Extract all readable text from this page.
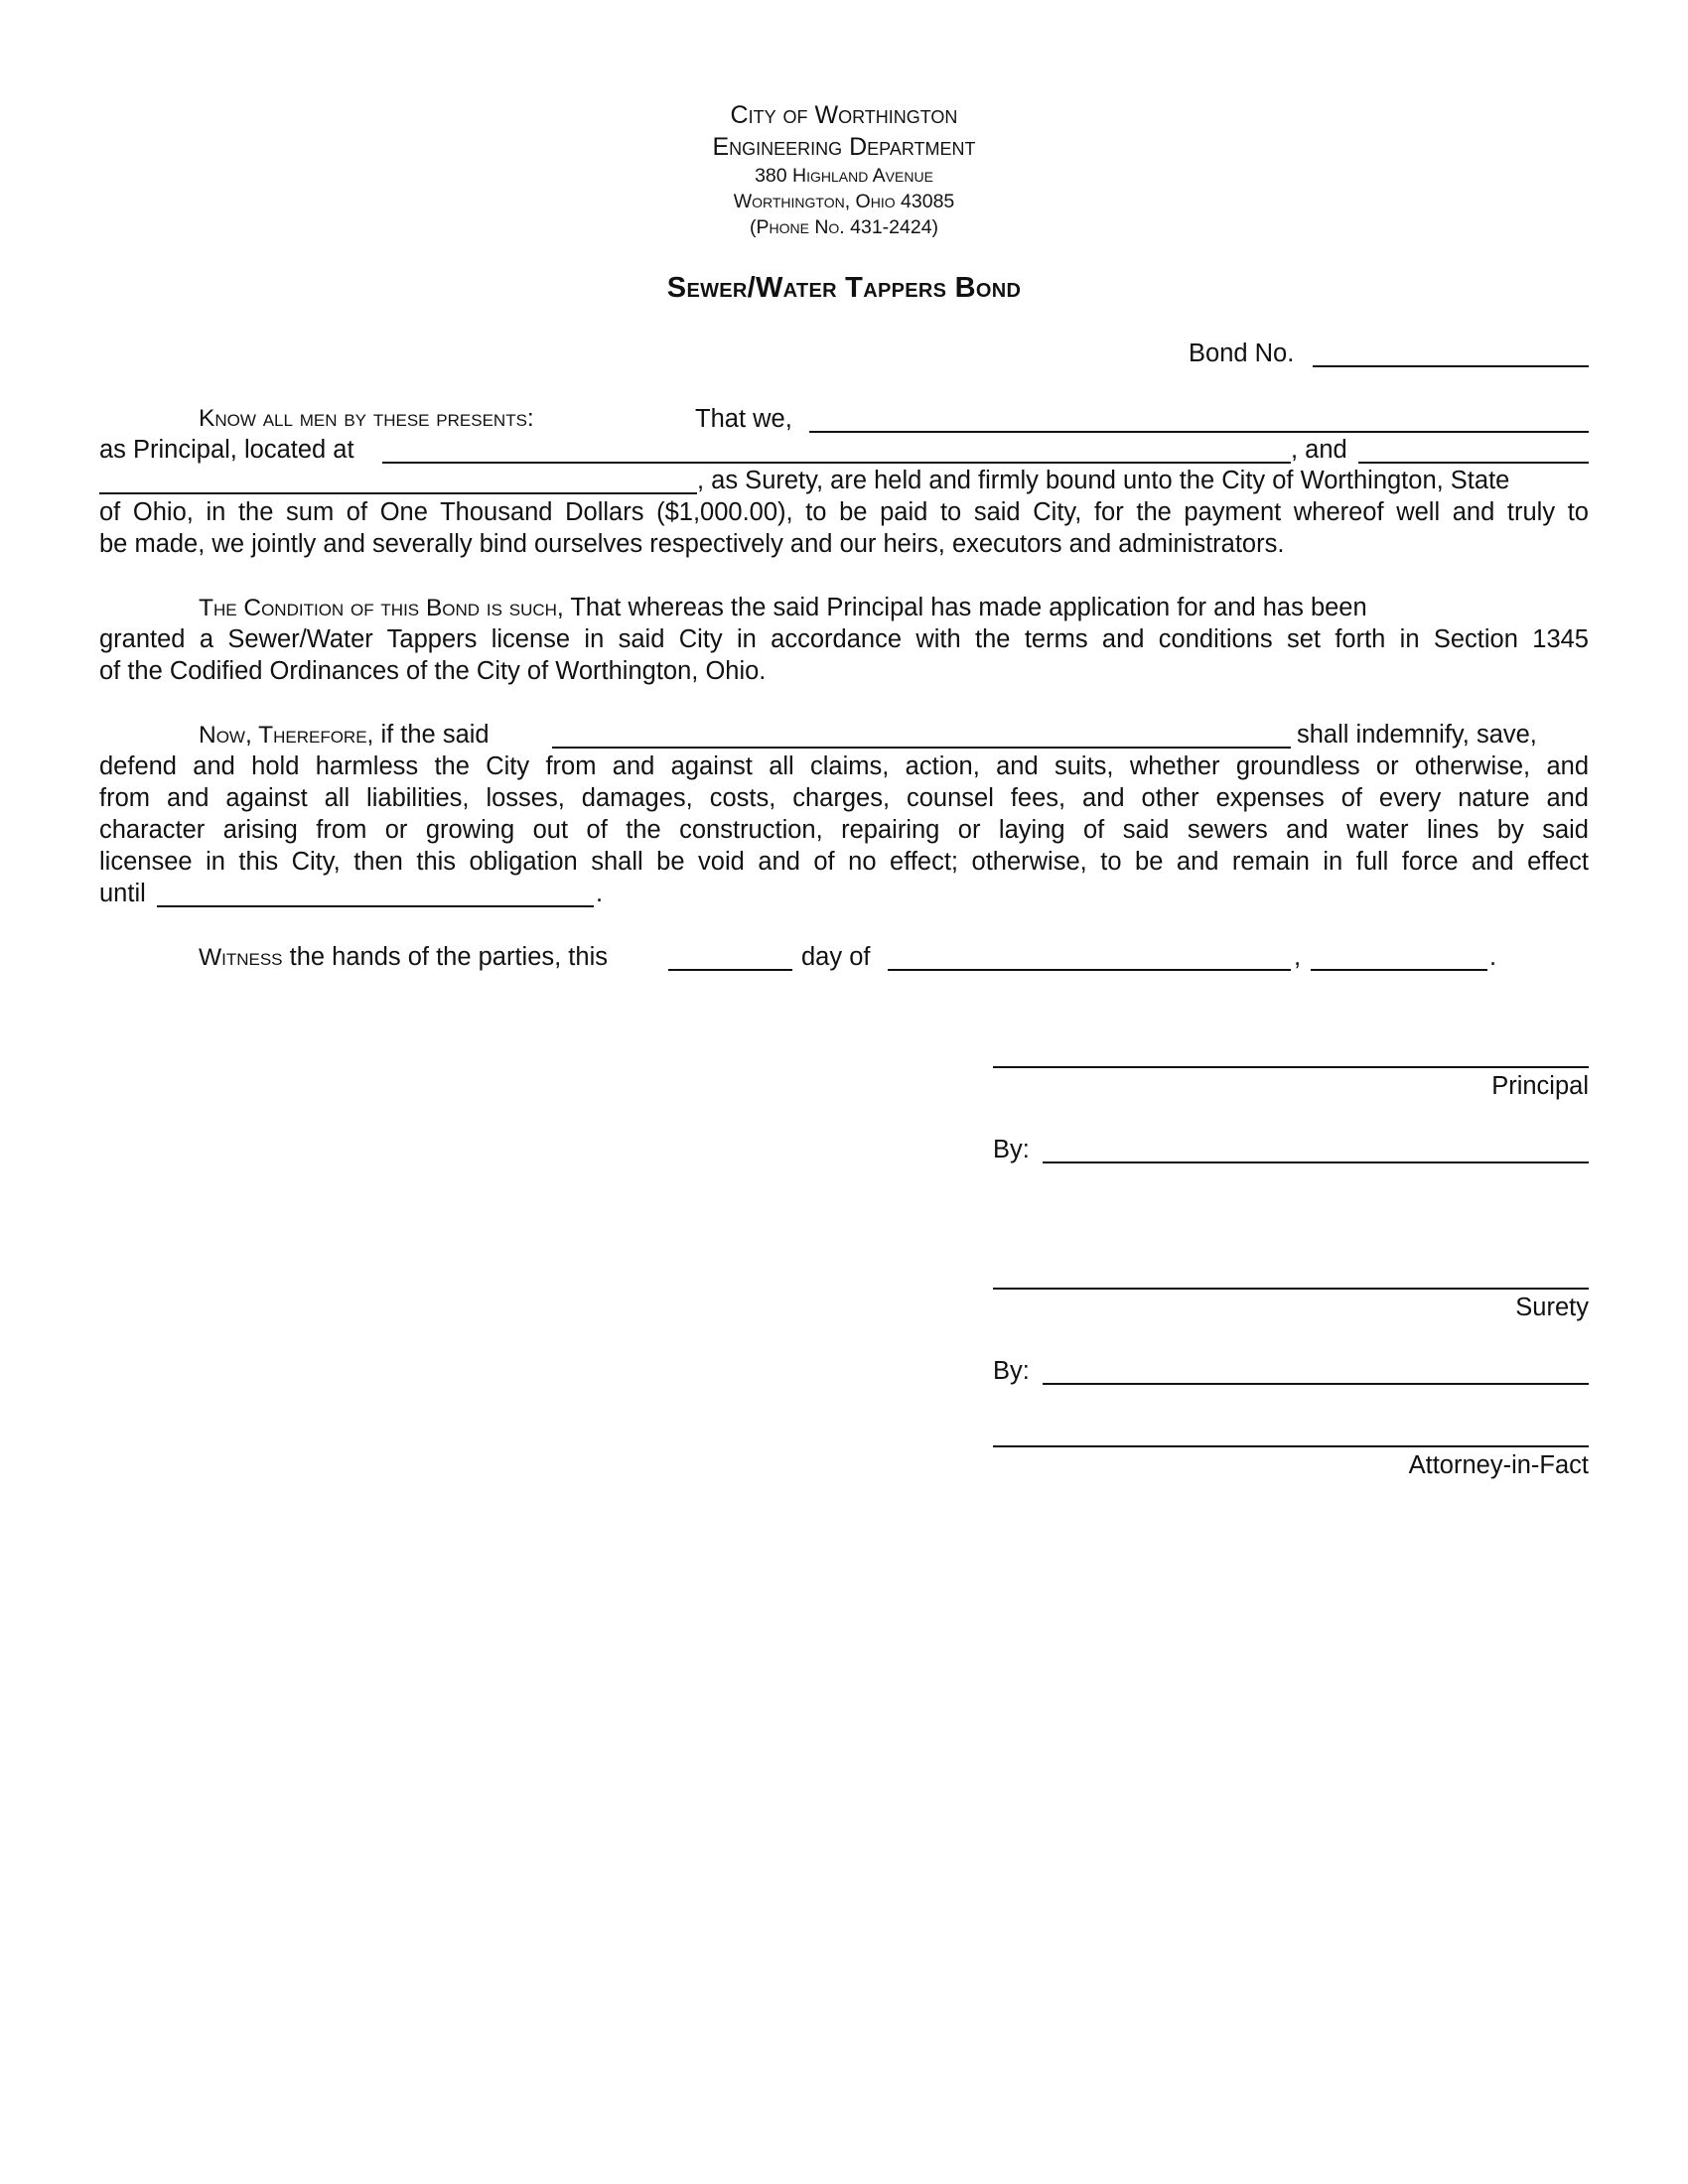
City of Worthington
Engineering Department
380 Highland Avenue
Worthington, Ohio 43085
(Phone No. 431-2424)
Sewer/Water Tappers Bond
Bond No.
Know all men by these presents:	That we,
as Principal, located at	, and
, as Surety, are held and firmly bound unto the City of Worthington, State
of Ohio, in the sum of One Thousand Dollars ($1,000.00), to be paid to said City, for the payment whereof well and truly to
be made, we jointly and severally bind ourselves respectively and our heirs, executors and administrators.
The Condition of this Bond is such, That whereas the said Principal has made application for and has been
granted a Sewer/Water Tappers license in said City in accordance with the terms and conditions set forth in Section 1345
of the Codified Ordinances of the City of Worthington, Ohio.
Now, Therefore, if the said	shall indemnify, save,
defend and hold harmless the City from and against all claims, action, and suits, whether groundless or otherwise, and
from and against all liabilities, losses, damages, costs, charges, counsel fees, and other expenses of every nature and
character arising from or growing out of the construction, repairing or laying of said sewers and water lines by said
licensee in this City, then this obligation shall be void and of no effect; otherwise, to be and remain in full force and effect
until	.
Witness the hands of the parties, this	day of	,	.
Principal
By:
Surety
By:
Attorney-in-Fact
